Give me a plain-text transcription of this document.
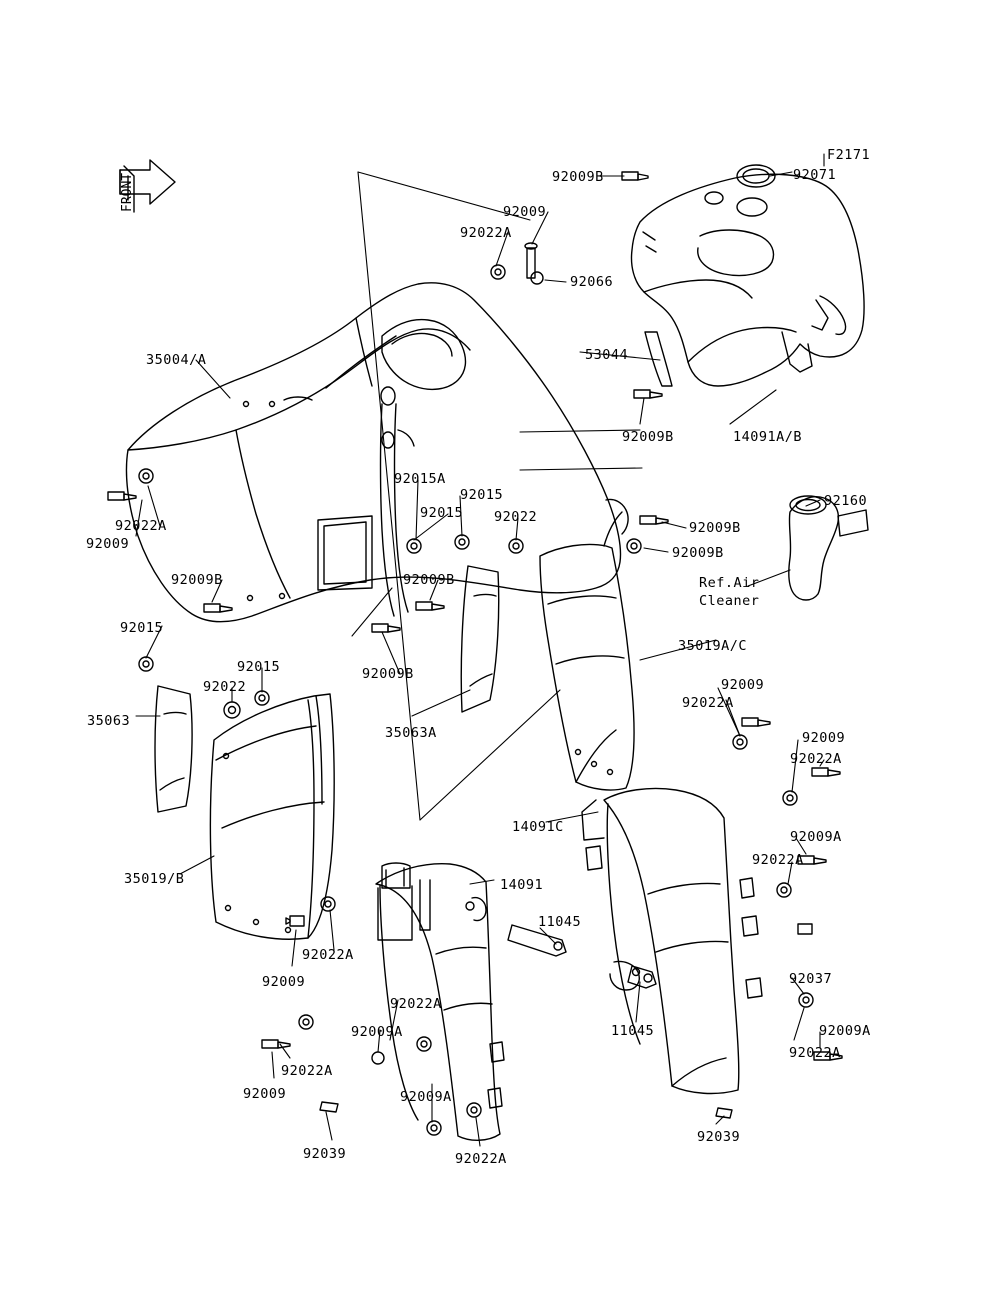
FRONT
F2171
92071
92009B
92009
92022A
92066
53044
35004/A
92009B	14091A/B
92015A
92015	92160
92015 92022
92022A
92009
92009B
92009B
92009B	92009B	Ref.Air
Cleaner
92015
35019A/C
92015	92009B
92022	92009
92022A
35063
35063A	92009
92022A
14091C
92009A
92022A
35019/B	14091
11045
92022A
92037
92009
92022A
11045
92009A	92009A
92022A
92022A
92009	92009A
92039
92039	92022A
